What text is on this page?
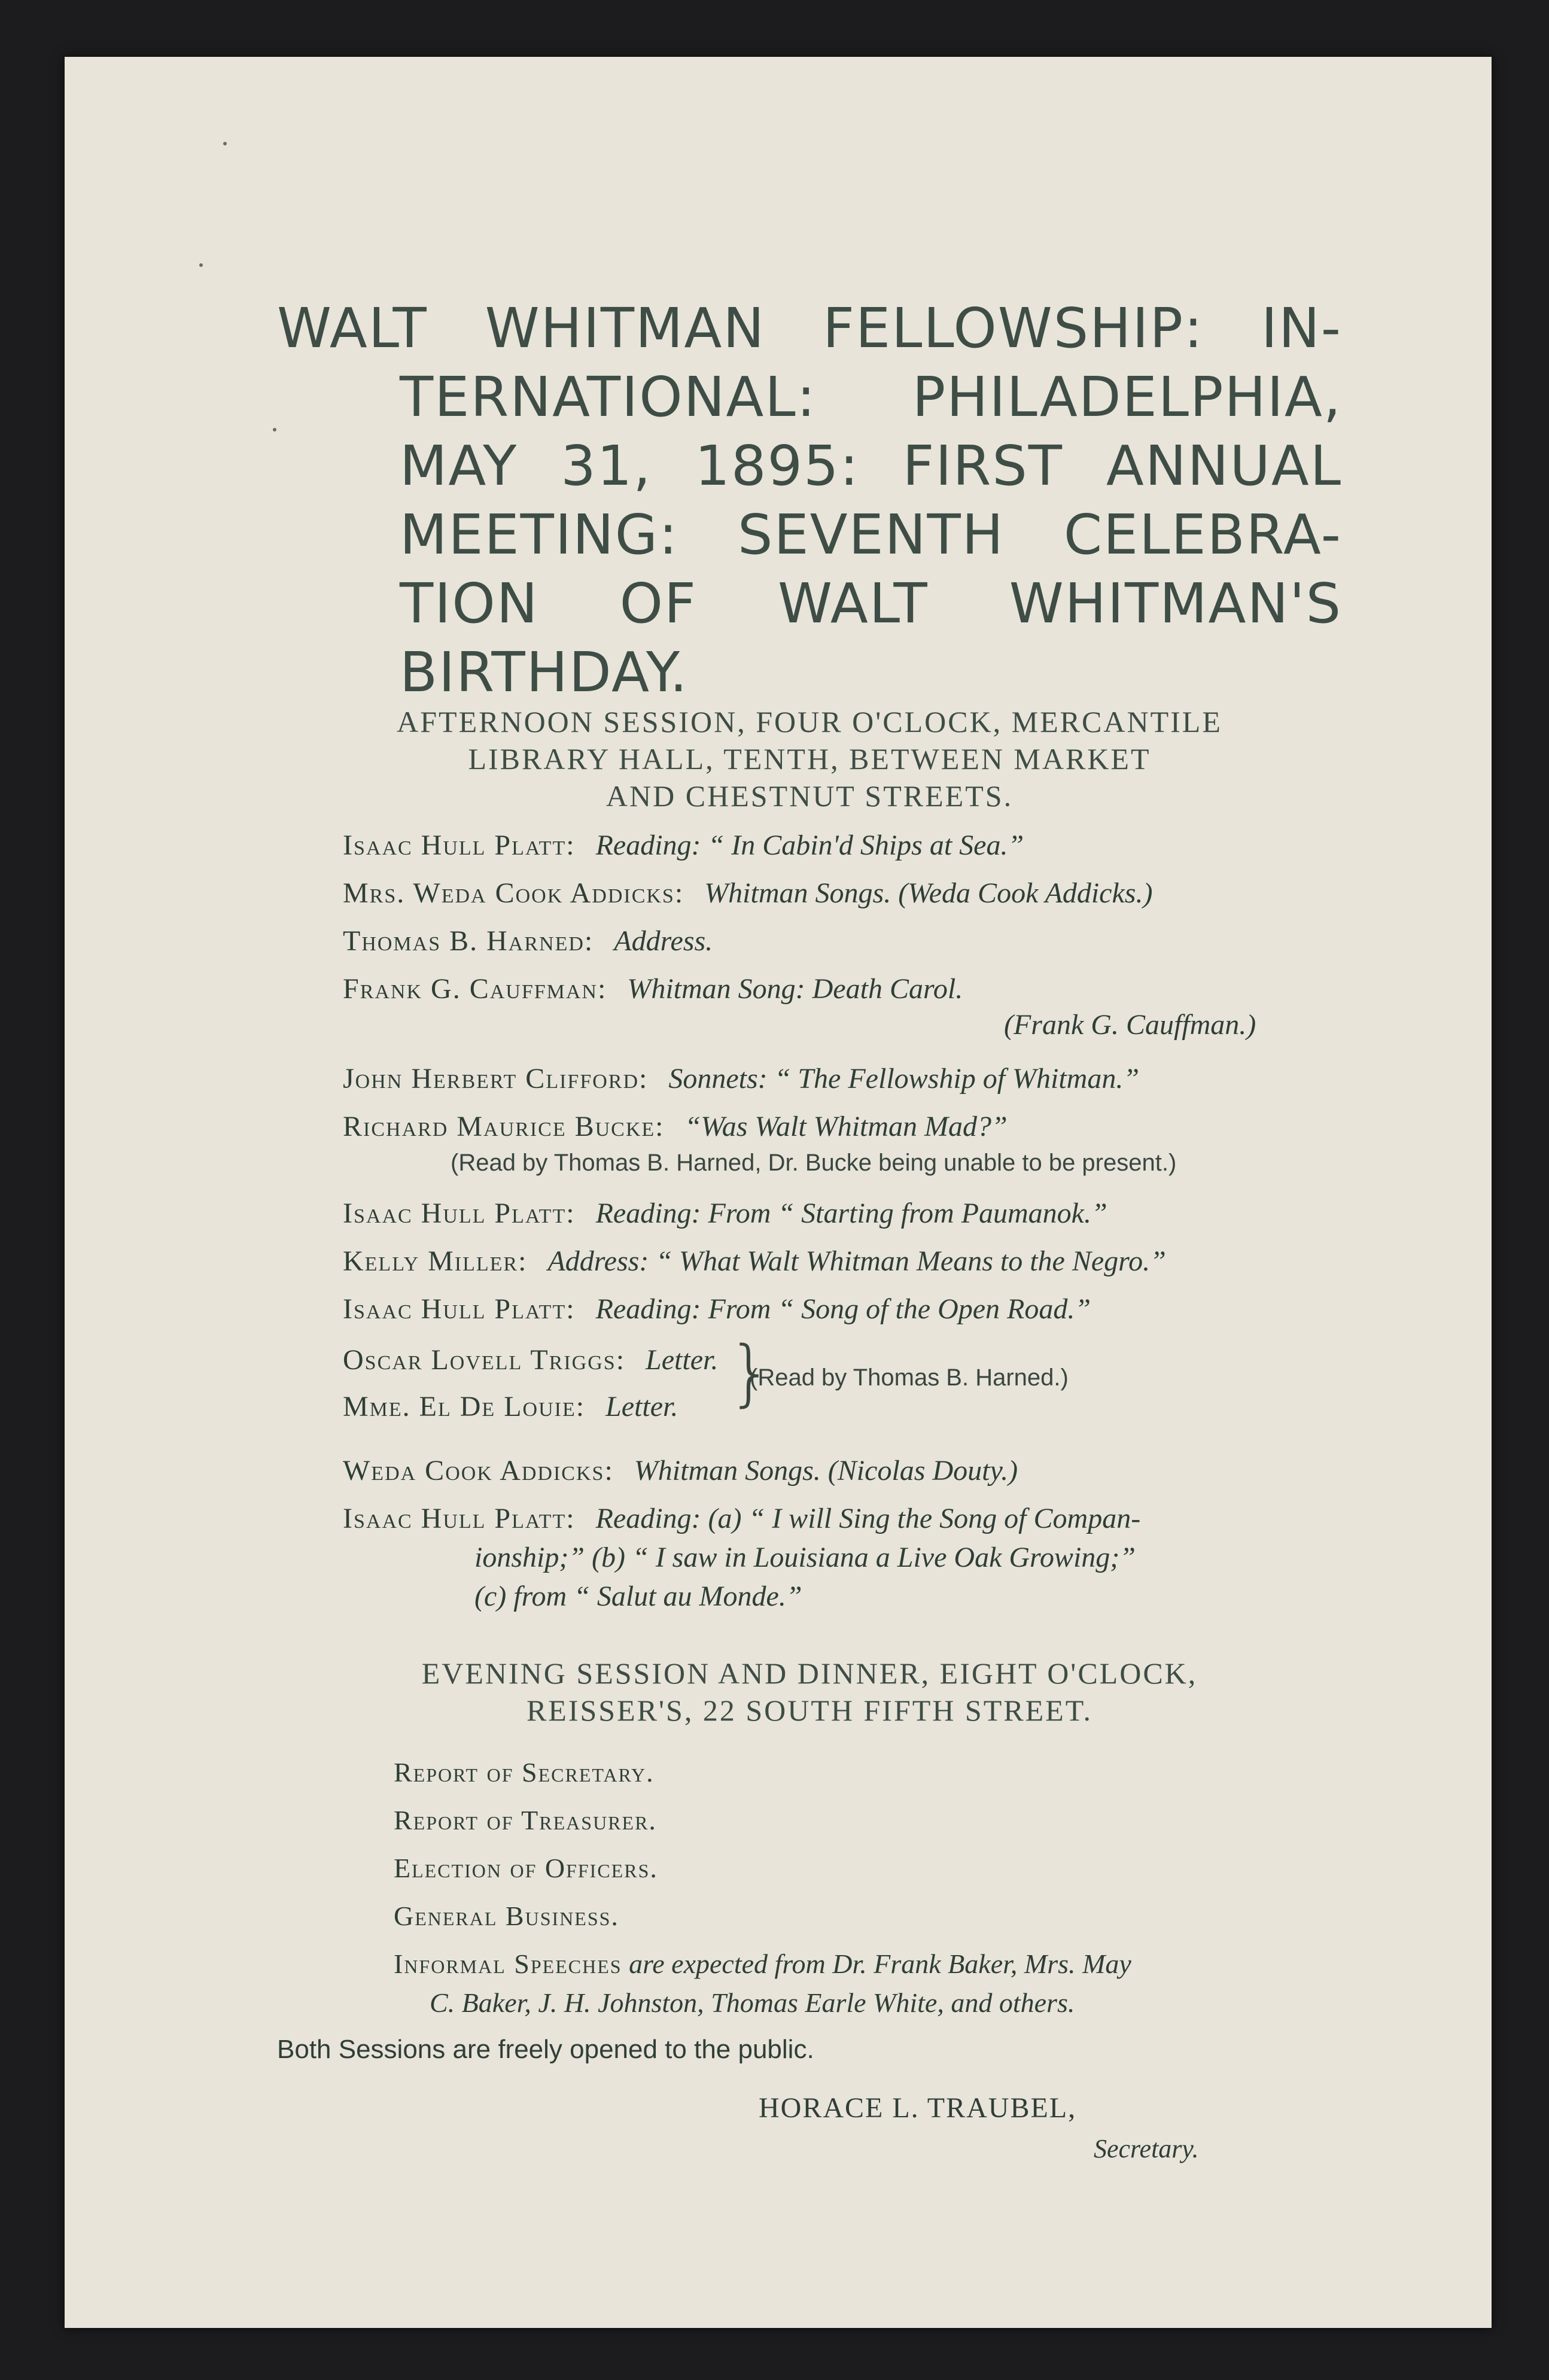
WALT WHITMAN FELLOWSHIP: IN-
TERNATIONAL: PHILADELPHIA,
MAY 31, 1895: FIRST ANNUAL
MEETING: SEVENTH CELEBRA-
TION OF WALT WHITMAN'S
BIRTHDAY.
AFTERNOON SESSION, FOUR O'CLOCK, MERCANTILE
LIBRARY HALL, TENTH, BETWEEN MARKET
AND CHESTNUT STREETS.
Isaac Hull Platt:   Reading: “ In Cabin'd Ships at Sea.”
Mrs. Weda Cook Addicks:   Whitman Songs. (Weda Cook Addicks.)
Thomas B. Harned:   Address.
Frank G. Cauffman:   Whitman Song: Death Carol.
(Frank G. Cauffman.)
John Herbert Clifford:   Sonnets: “ The Fellowship of Whitman.”
Richard Maurice Bucke:   “Was Walt Whitman Mad?”
(Read by Thomas B. Harned, Dr. Bucke being unable to be present.)
Isaac Hull Platt:   Reading: From “ Starting from Paumanok.”
Kelly Miller:   Address: “ What Walt Whitman Means to the Negro.”
Isaac Hull Platt:   Reading: From “ Song of the Open Road.”
Oscar Lovell Triggs:   Letter.
Mme. El De Louie:   Letter. }
(Read by Thomas B. Harned.)
Weda Cook Addicks:   Whitman Songs. (Nicolas Douty.)
Isaac Hull Platt:   Reading: (a) “ I will Sing the Song of Compan-
ionship;” (b) “ I saw in Louisiana a Live Oak Growing;”
(c) from “ Salut au Monde.”
EVENING SESSION AND DINNER, EIGHT O'CLOCK,
REISSER'S, 22 SOUTH FIFTH STREET.
Report of Secretary.
Report of Treasurer.
Election of Officers.
General Business.
Informal Speeches are expected from Dr. Frank Baker, Mrs. May
C. Baker, J. H. Johnston, Thomas Earle White, and others.
Both Sessions are freely opened to the public.
HORACE L. TRAUBEL,
Secretary.
